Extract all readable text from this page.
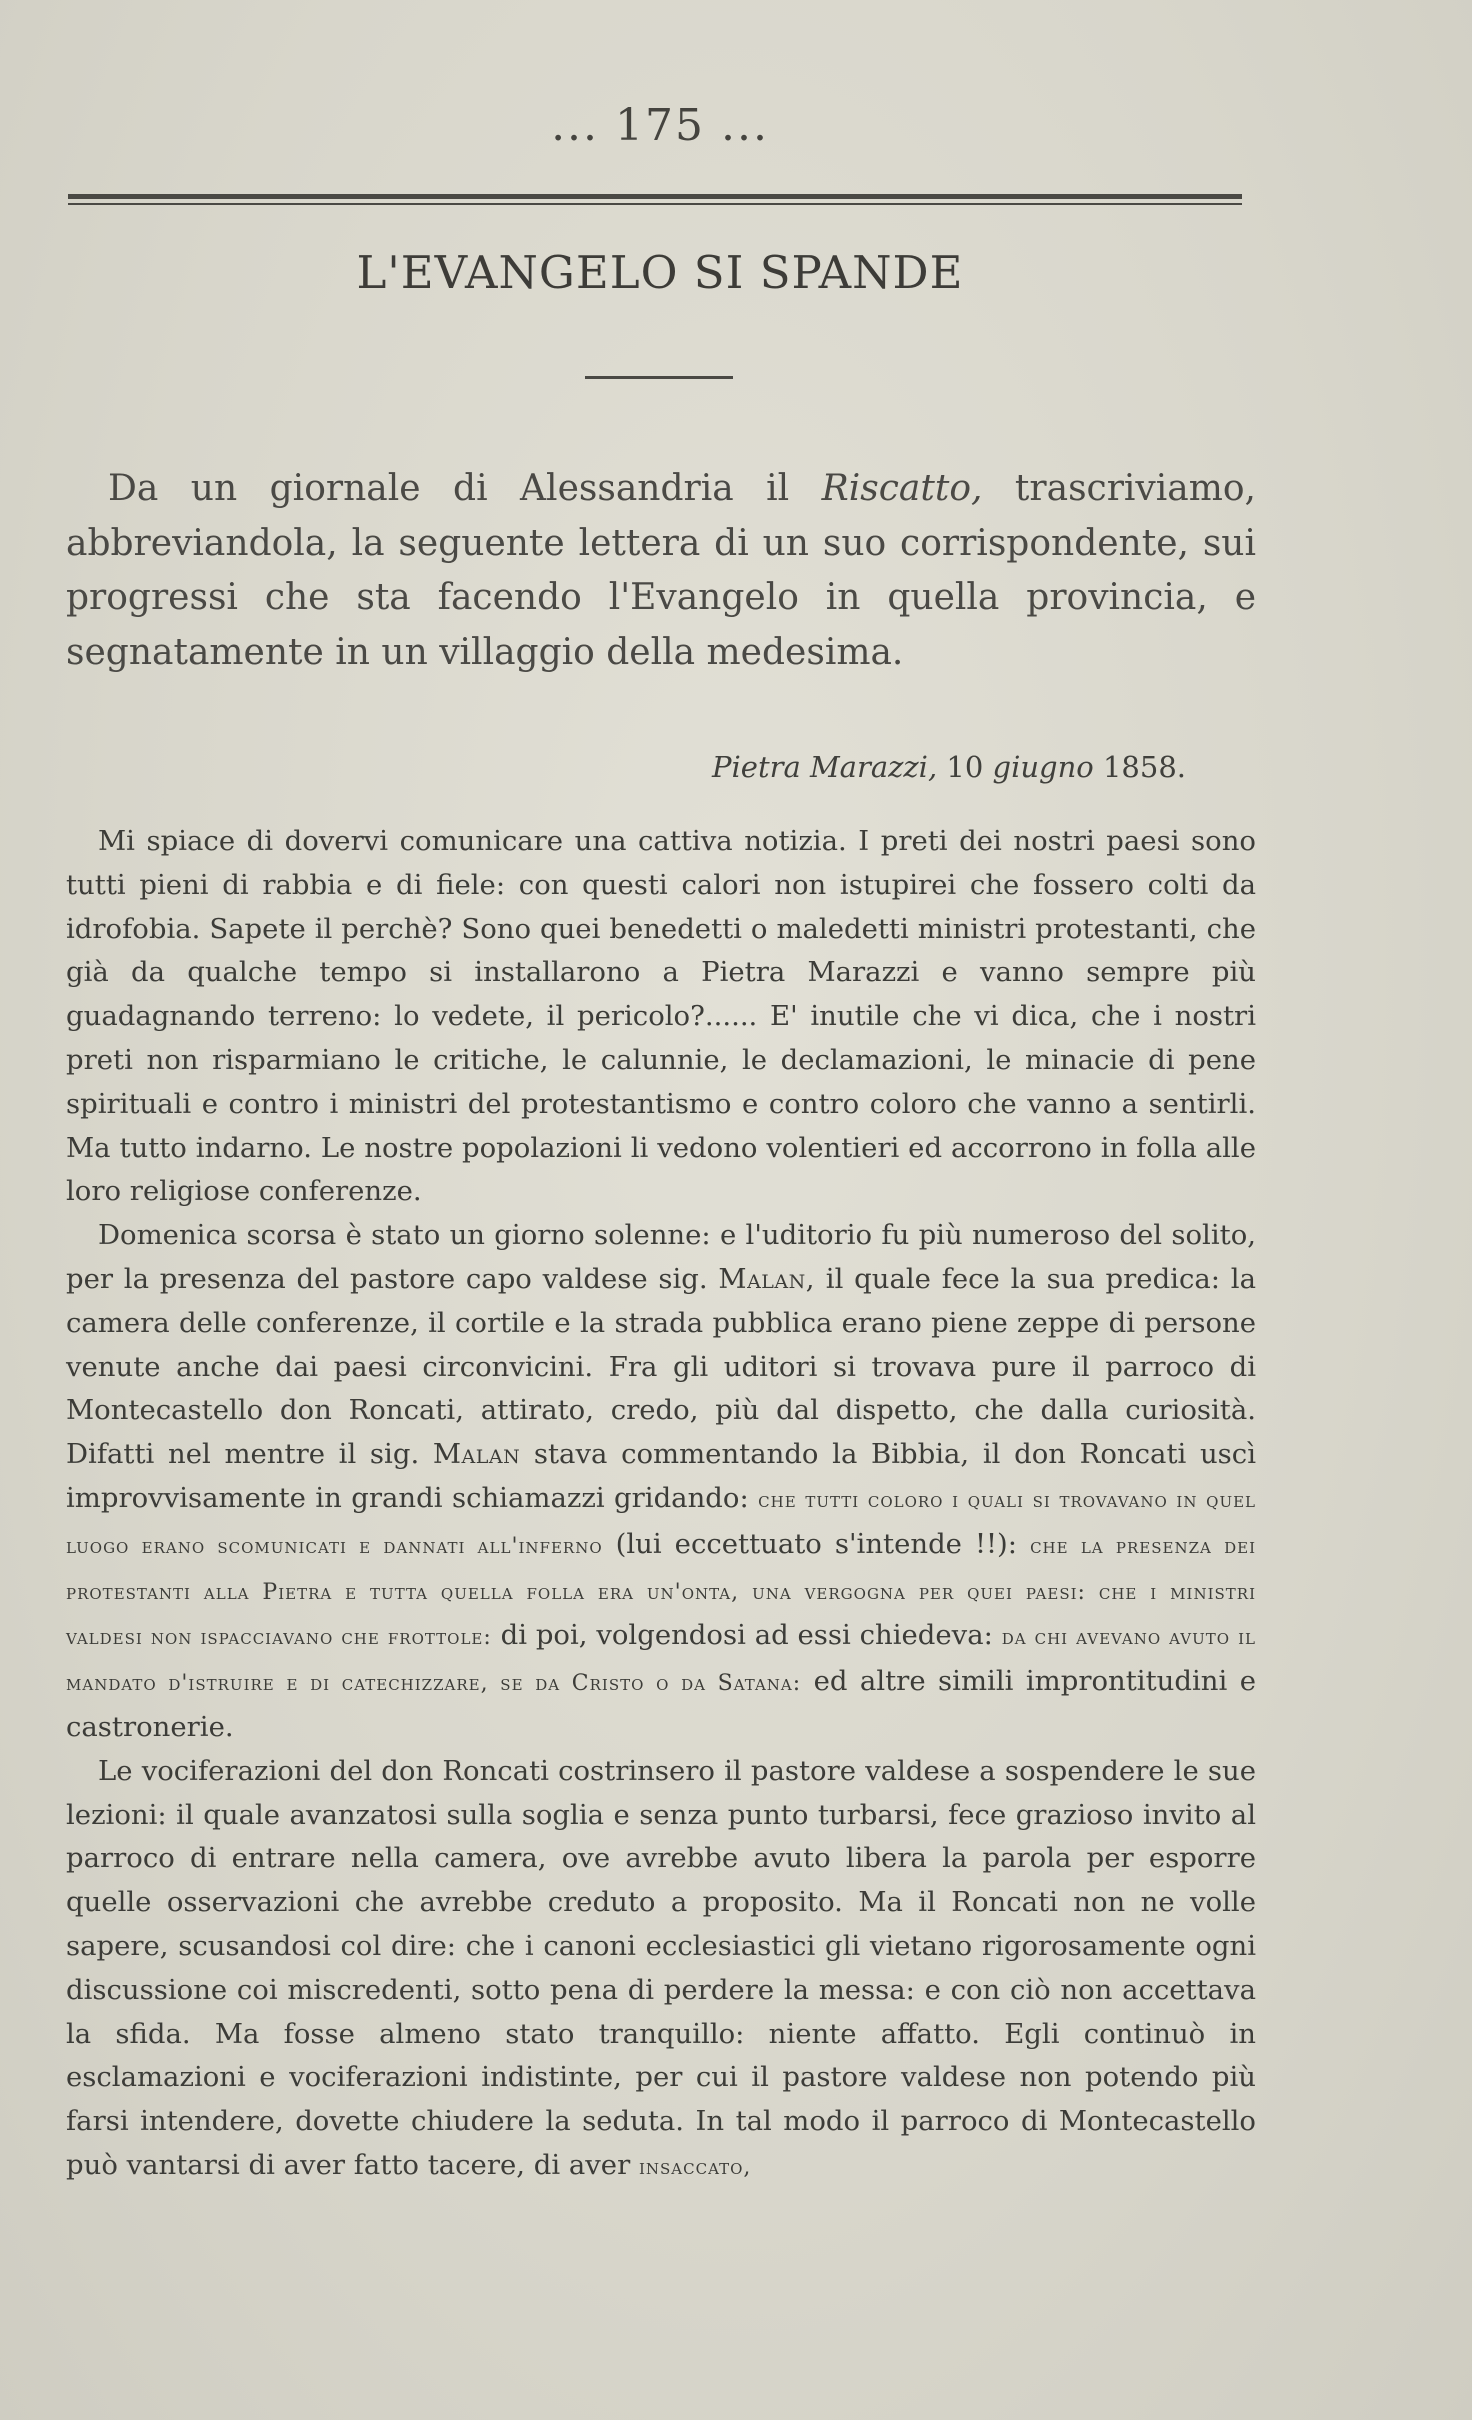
... 175 ...
L'EVANGELO SI SPANDE
Da un giornale di Alessandria il Riscatto, trascriviamo, abbreviandola, la seguente lettera di un suo corrispondente, sui progressi che sta facendo l'Evangelo in quella provincia, e segnatamente in un villaggio della medesima.
Pietra Marazzi, 10 giugno 1858.

Mi spiace di dovervi comunicare una cattiva notizia. I preti dei nostri paesi sono tutti pieni di rabbia e di fiele: con questi calori non istupirei che fossero colti da idrofobia. Sapete il perchè? Sono quei benedetti o maledetti ministri protestanti, che già da qualche tempo si installarono a Pietra Marazzi e vanno sempre più guadagnando terreno: lo vedete, il pericolo?...... E' inutile che vi dica, che i nostri preti non risparmiano le critiche, le calunnie, le declamazioni, le minacie di pene spirituali e contro i ministri del protestantismo e contro coloro che vanno a sentirli. Ma tutto indarno. Le nostre popolazioni li vedono volentieri ed accorrono in folla alle loro religiose conferenze.

Domenica scorsa è stato un giorno solenne: e l'uditorio fu più numeroso del solito, per la presenza del pastore capo valdese sig. Malan, il quale fece la sua predica: la camera delle conferenze, il cortile e la strada pubblica erano piene zeppe di persone venute anche dai paesi circonvicini. Fra gli uditori si trovava pure il parroco di Montecastello don Roncati, attirato, credo, più dal dispetto, che dalla curiosità. Difatti nel mentre il sig. Malan stava commentando la Bibbia, il don Roncati uscì improvvisamente in grandi schiamazzi gridando: che tutti coloro i quali si trovavano in quel luogo erano scomunicati e dannati all'inferno (lui eccettuato s'intende !!): che la presenza dei protestanti alla Pietra e tutta quella folla era un'onta, una vergogna per quei paesi: che i ministri valdesi non ispacciavano che frottole: di poi, volgendosi ad essi chiedeva: da chi avevano avuto il mandato d'istruire e di catechizzare, se da Cristo o da Satana: ed altre simili improntitudini e castronerie.

Le vociferazioni del don Roncati costrinsero il pastore valdese a sospendere le sue lezioni: il quale avanzatosi sulla soglia e senza punto turbarsi, fece grazioso invito al parroco di entrare nella camera, ove avrebbe avuto libera la parola per esporre quelle osservazioni che avrebbe creduto a proposito. Ma il Roncati non ne volle sapere, scusandosi col dire: che i canoni ecclesiastici gli vietano rigorosamente ogni discussione coi miscredenti, sotto pena di perdere la messa: e con ciò non accettava la sfida. Ma fosse almeno stato tranquillo: niente affatto. Egli continuò in esclamazioni e vociferazioni indistinte, per cui il pastore valdese non potendo più farsi intendere, dovette chiudere la seduta. In tal modo il parroco di Montecastello può vantarsi di aver fatto tacere, di aver insaccato,
